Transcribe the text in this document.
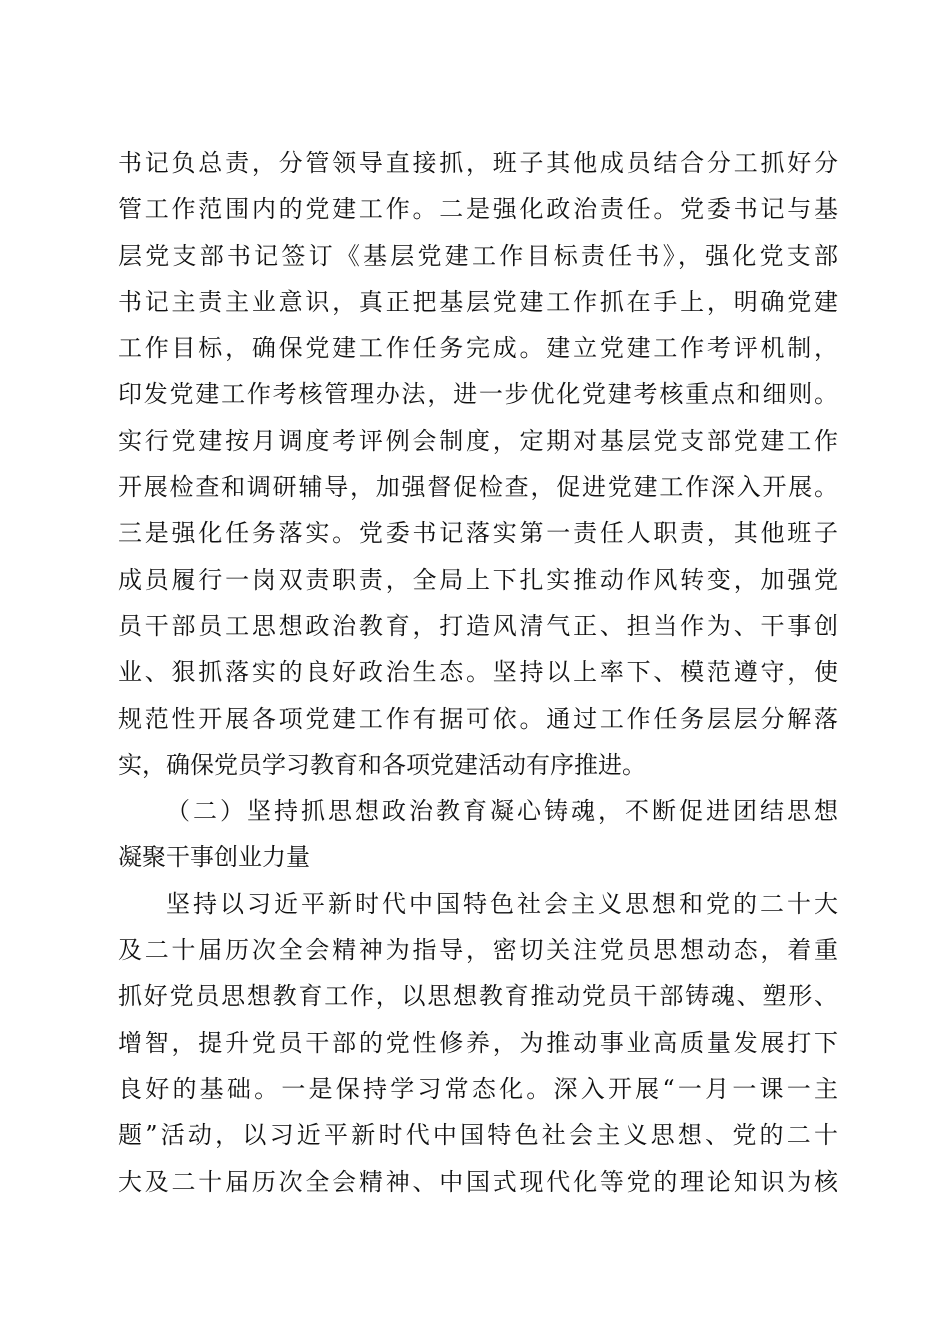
书记负总责，分管领导直接抓，班子其他成员结合分工抓好分
管工作范围内的党建工作。二是强化政治责任。党委书记与基
层党支部书记签订《基层党建工作目标责任书》，强化党支部
书记主责主业意识，真正把基层党建工作抓在手上，明确党建
工作目标，确保党建工作任务完成。建立党建工作考评机制，
印发党建工作考核管理办法，进一步优化党建考核重点和细则。
实行党建按月调度考评例会制度，定期对基层党支部党建工作
开展检查和调研辅导，加强督促检查，促进党建工作深入开展。
三是强化任务落实。党委书记落实第一责任人职责，其他班子
成员履行一岗双责职责，全局上下扎实推动作风转变，加强党
员干部员工思想政治教育，打造风清气正、担当作为、干事创
业、狠抓落实的良好政治生态。坚持以上率下、模范遵守，使
规范性开展各项党建工作有据可依。通过工作任务层层分解落
实，确保党员学习教育和各项党建活动有序推进。
（二）坚持抓思想政治教育凝心铸魂，不断促进团结思想
凝聚干事创业力量
坚持以习近平新时代中国特色社会主义思想和党的二十大
及二十届历次全会精神为指导，密切关注党员思想动态，着重
抓好党员思想教育工作，以思想教育推动党员干部铸魂、塑形、
增智，提升党员干部的党性修养，为推动事业高质量发展打下
良好的基础。一是保持学习常态化。深入开展“一月一课一主
题”活动，以习近平新时代中国特色社会主义思想、党的二十
大及二十届历次全会精神、中国式现代化等党的理论知识为核
